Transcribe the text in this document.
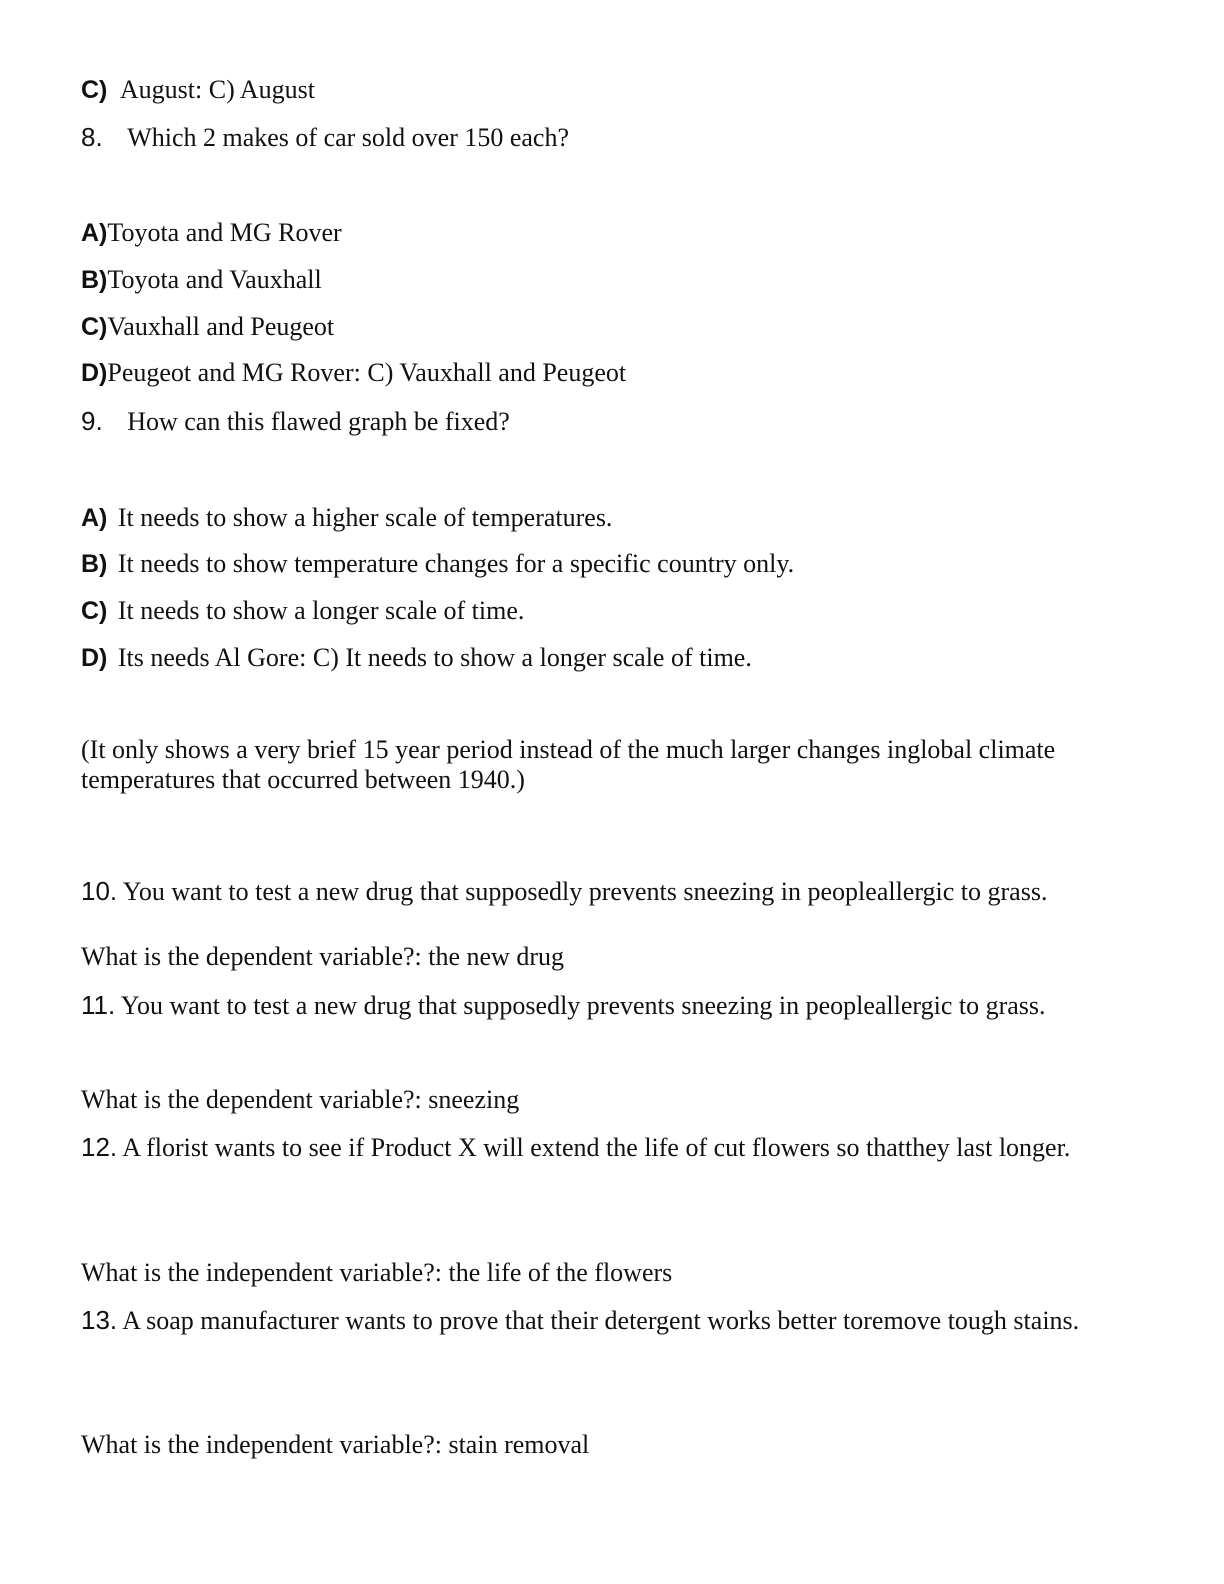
C) August: C) August
8. Which 2 makes of car sold over 150 each?
A)Toyota and MG Rover
B)Toyota and Vauxhall
C)Vauxhall and Peugeot
D)Peugeot and MG Rover: C) Vauxhall and Peugeot
9. How can this flawed graph be fixed?
A) It needs to show a higher scale of temperatures.
B) It needs to show temperature changes for a specific country only.
C) It needs to show a longer scale of time.
D) Its needs Al Gore: C) It needs to show a longer scale of time.
(It only shows a very brief 15 year period instead of the much larger changes inglobal climate temperatures that occurred between 1940.)
10. You want to test a new drug that supposedly prevents sneezing in peopleallergic to grass.
What is the dependent variable?: the new drug
11. You want to test a new drug that supposedly prevents sneezing in peopleallergic to grass.
What is the dependent variable?: sneezing
12. A florist wants to see if Product X will extend the life of cut flowers so thatthey last longer.
What is the independent variable?: the life of the flowers
13. A soap manufacturer wants to prove that their detergent works better toremove tough stains.
What is the independent variable?: stain removal
